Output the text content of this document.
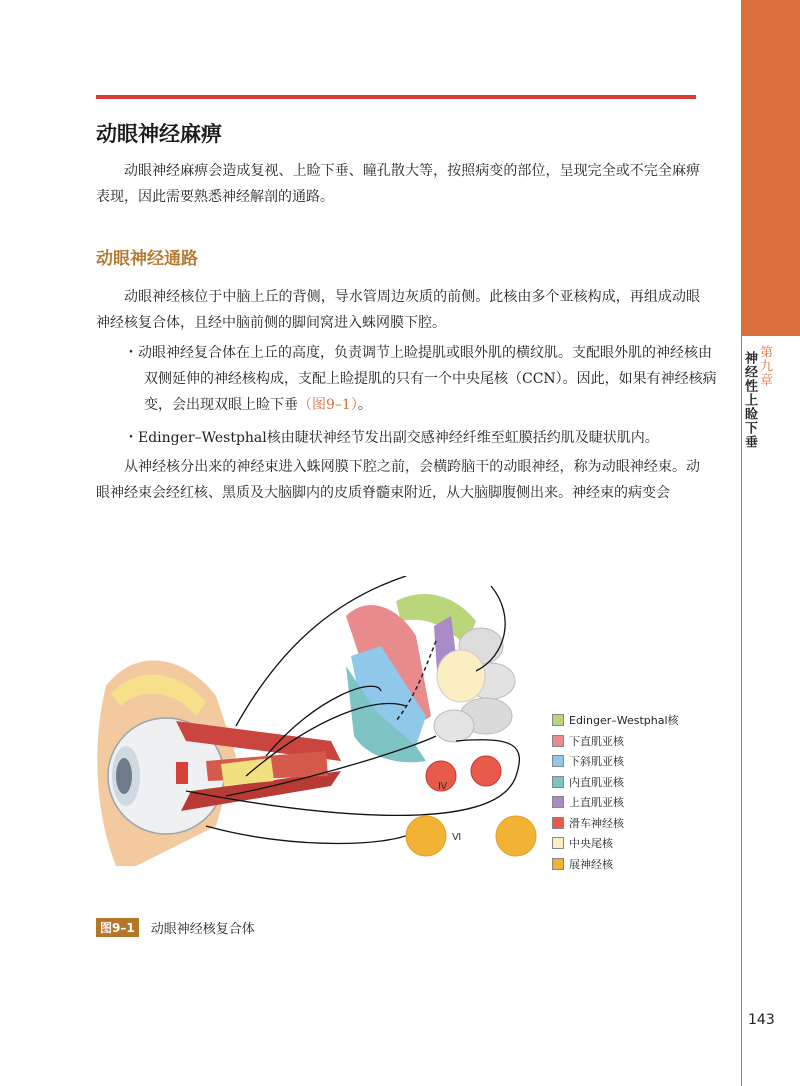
第九章
神经性上睑下垂
动眼神经麻痹
动眼神经麻痹会造成复视、上睑下垂、瞳孔散大等，按照病变的部位，呈现完全或不完全麻痹表现，因此需要熟悉神经解剖的通路。
动眼神经通路
动眼神经核位于中脑上丘的背侧，导水管周边灰质的前侧。此核由多个亚核构成，再组成动眼神经核复合体，且经中脑前侧的脚间窝进入蛛网膜下腔。
・动眼神经复合体在上丘的高度，负责调节上睑提肌或眼外肌的横纹肌。支配眼外肌的神经核由双侧延伸的神经核构成，支配上睑提肌的只有一个中央尾核（CCN）。因此，如果有神经核病变，会出现双眼上睑下垂（图9–1）。
・Edinger–Westphal核由睫状神经节发出副交感神经纤维至虹膜括约肌及睫状肌内。
从神经核分出来的神经束进入蛛网膜下腔之前，会横跨脑干的动眼神经，称为动眼神经束。动眼神经束会经红核、黑质及大脑脚内的皮质脊髓束附近，从大脑脚腹侧出来。神经束的病变会
Ⅳ
Ⅵ
Edinger–Westphal核
下直肌亚核
下斜肌亚核
内直肌亚核
上直肌亚核
滑车神经核
中央尾核
展神经核
图9–1	动眼神经核复合体
143
